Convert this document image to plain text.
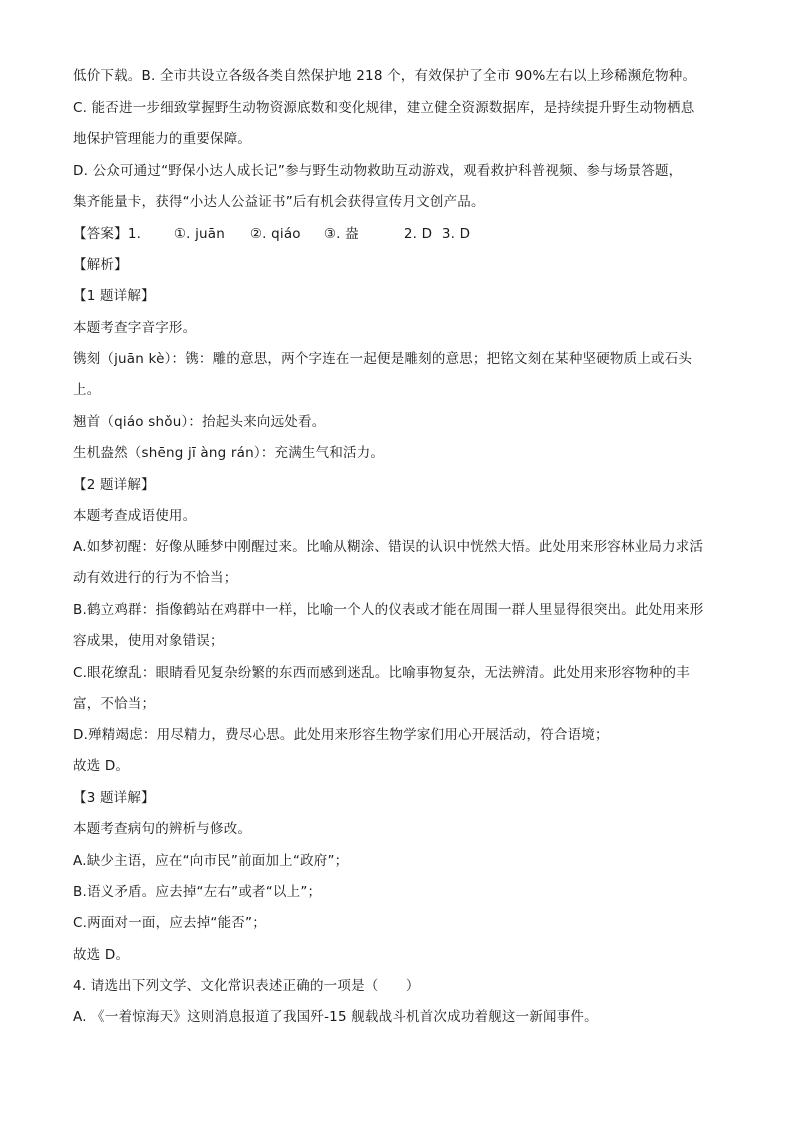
低价下载。B. 全市共设立各级各类自然保护地 218 个，有效保护了全市 90%左右以上珍稀濒危物种。
C. 能否进一步细致掌握野生动物资源底数和变化规律，建立健全资源数据库，是持续提升野生动物栖息
地保护管理能力的重要保障。
D. 公众可通过“野保小达人成长记”参与野生动物救助互动游戏，观看救护科普视频、参与场景答题，
集齐能量卡，获得“小达人公益证书”后有机会获得宣传月文创产品。
【答案】1. ①. juān ②. qiáo ③. 盎	2. D 3. D
【解析】
【1 题详解】
本题考查字音字形。
镌刻（juān kè）：镌：雕的意思，两个字连在一起便是雕刻的意思；把铭文刻在某种坚硬物质上或石头
上。
翘首（qiáo shǒu）：抬起头来向远处看。
生机盎然（shēng jī àng rán）：充满生气和活力。
【2 题详解】
本题考查成语使用。
A.如梦初醒：好像从睡梦中刚醒过来。比喻从糊涂、错误的认识中恍然大悟。此处用来形容林业局力求活
动有效进行的行为不恰当；
B.鹤立鸡群：指像鹤站在鸡群中一样，比喻一个人的仪表或才能在周围一群人里显得很突出。此处用来形
容成果，使用对象错误；
C.眼花缭乱：眼睛看见复杂纷繁的东西而感到迷乱。比喻事物复杂，无法辨清。此处用来形容物种的丰
富，不恰当；
D.殚精竭虑：用尽精力，费尽心思。此处用来形容生物学家们用心开展活动，符合语境；
故选 D。
【3 题详解】
本题考查病句的辨析与修改。
A.缺少主语，应在“向市民”前面加上“政府”；
B.语义矛盾。应去掉“左右”或者“以上”；
C.两面对一面，应去掉“能否”；
故选 D。
4. 请选出下列文学、文化常识表述正确的一项是（　　）
A. 《一着惊海天》这则消息报道了我国歼-15 舰载战斗机首次成功着舰这一新闻事件。
